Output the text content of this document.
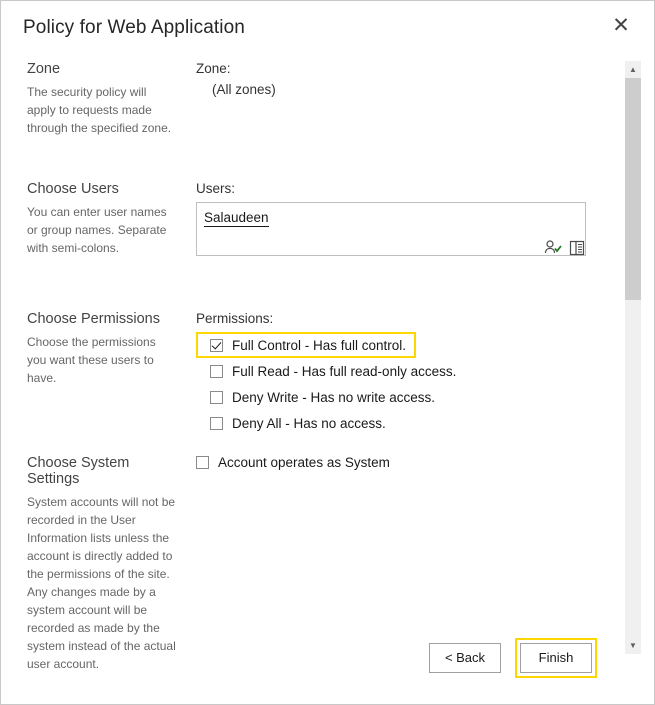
Policy for Web Application	✕
▲
▼
Zone
The security policy will apply to requests made through the specified zone.
Zone:
(All zones)
Choose Users
You can enter user names or group names. Separate with semi-colons.
Users:
Salaudeen
Choose Permissions
Choose the permissions you want these users to have.
Permissions:
Full Control - Has full control.
Full Read - Has full read-only access.
Deny Write - Has no write access.
Deny All - Has no access.
Choose System Settings
System accounts will not be recorded in the User Information lists unless the account is directly added to the permissions of the site. Any changes made by a system account will be recorded as made by the system instead of the actual user account.
Account operates as System
< Back	Finish
